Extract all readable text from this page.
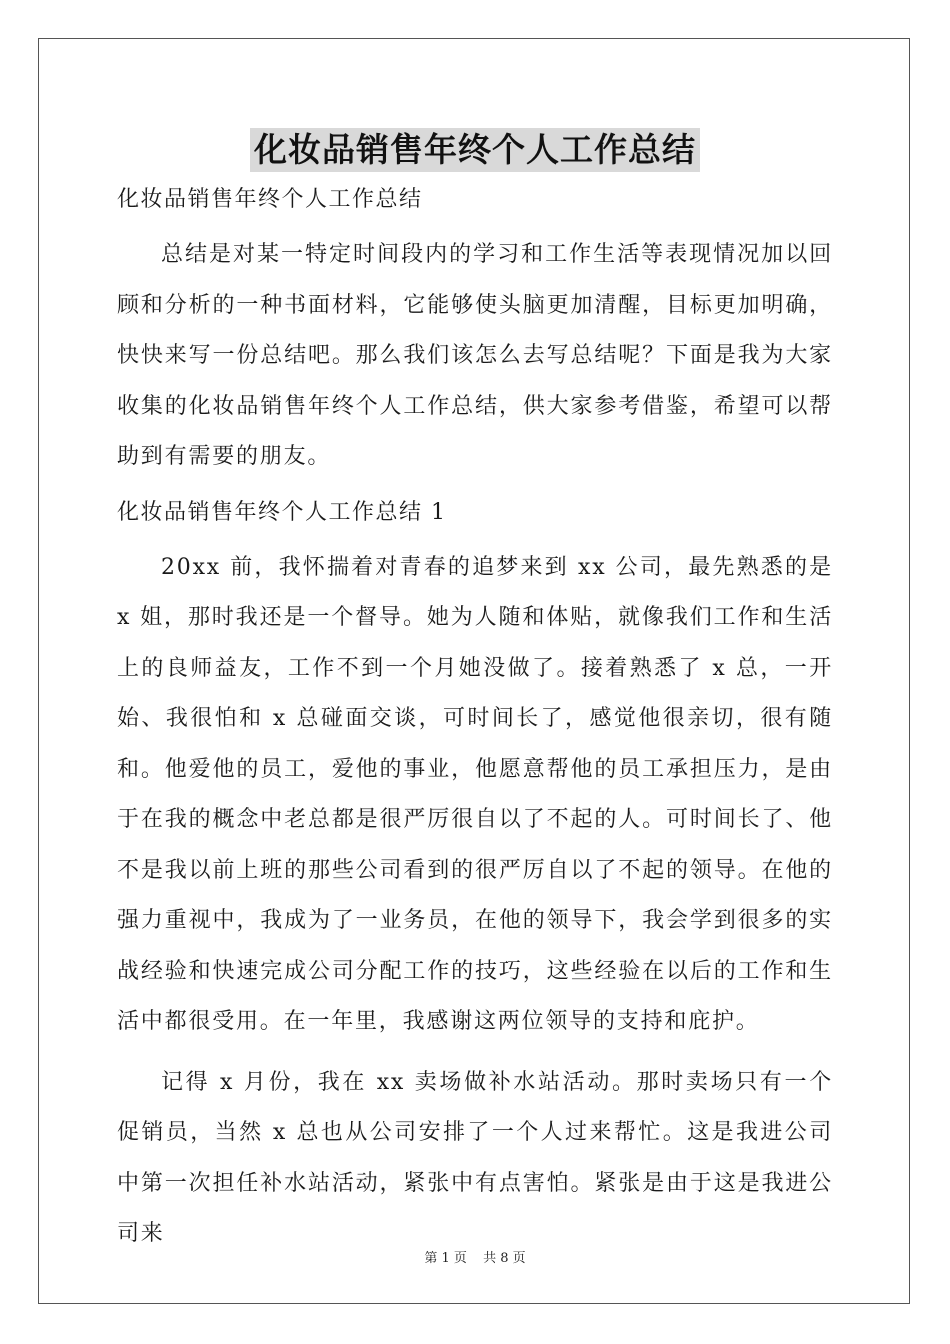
化妆品销售年终个人工作总结

化妆品销售年终个人工作总结

总结是对某一特定时间段内的学习和工作生活等表现情况加以回顾和分析的一种书面材料，它能够使头脑更加清醒，目标更加明确，快快来写一份总结吧。那么我们该怎么去写总结呢？下面是我为大家收集的化妆品销售年终个人工作总结，供大家参考借鉴，希望可以帮助到有需要的朋友。

化妆品销售年终个人工作总结 1

20xx 前，我怀揣着对青春的追梦来到 xx 公司，最先熟悉的是 x 姐，那时我还是一个督导。她为人随和体贴，就像我们工作和生活上的良师益友，工作不到一个月她没做了。接着熟悉了 x 总，一开始、我很怕和 x 总碰面交谈，可时间长了，感觉他很亲切，很有随和。他爱他的员工，爱他的事业，他愿意帮他的员工承担压力，是由于在我的概念中老总都是很严厉很自以了不起的人。可时间长了、他不是我以前上班的那些公司看到的很严厉自以了不起的领导。在他的强力重视中，我成为了一业务员，在他的领导下，我会学到很多的实战经验和快速完成公司分配工作的技巧，这些经验在以后的工作和生活中都很受用。在一年里，我感谢这两位领导的支持和庇护。

记得 x 月份，我在 xx 卖场做补水站活动。那时卖场只有一个促销员，当然 x 总也从公司安排了一个人过来帮忙。这是我进公司中第一次担任补水站活动，紧张中有点害怕。紧张是由于这是我进公司来

第 1 页 共 8 页
